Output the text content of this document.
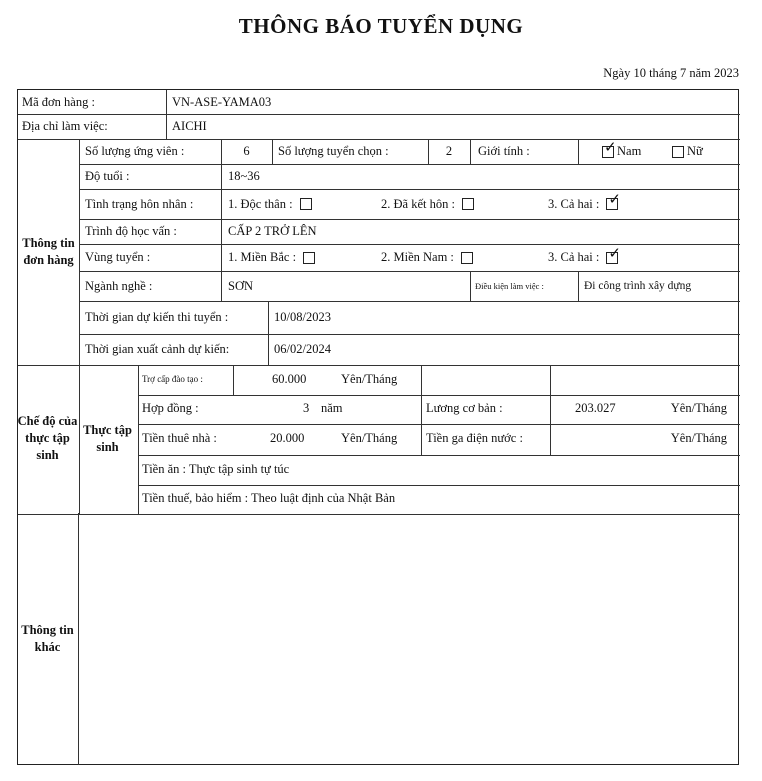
THÔNG BÁO TUYỂN DỤNG
Ngày 10 tháng 7 năm 2023
Mã đơn hàng :	VN-ASE-YAMA03
Địa chỉ làm việc:	AICHI
Thông tin đơn hàng
Số lượng ứng viên :	6	Số lượng tuyển chọn :	2	Giới tính :	✓ Nam	Nữ
Độ tuổi :	18~36
Tình trạng hôn nhân :	1. Độc thân :	2. Đã kết hôn :	3. Cả hai : ✓
Trình độ học vấn :	CẤP 2 TRỞ LÊN
Vùng tuyển :	1. Miền Bắc :	2. Miền Nam :	3. Cả hai : ✓
Ngành nghề :	SƠN	Điều kiện làm việc :	Đi công trình xây dựng
Thời gian dự kiến thi tuyển :	10/08/2023
Thời gian xuất cảnh dự kiến:	06/02/2024
Chế độ của thực tập sinh
Thực tập sinh
Trợ cấp đào tạo :	60.000	Yên/Tháng
Hợp đồng :	3 năm	Lương cơ bản :	203.027	Yên/Tháng
Tiền thuê nhà :	20.000	Yên/Tháng	Tiền ga điện nước :	Yên/Tháng
Tiền ăn : Thực tập sinh tự túc
Tiền thuế, bảo hiểm : Theo luật định của Nhật Bản
Thông tin khác
